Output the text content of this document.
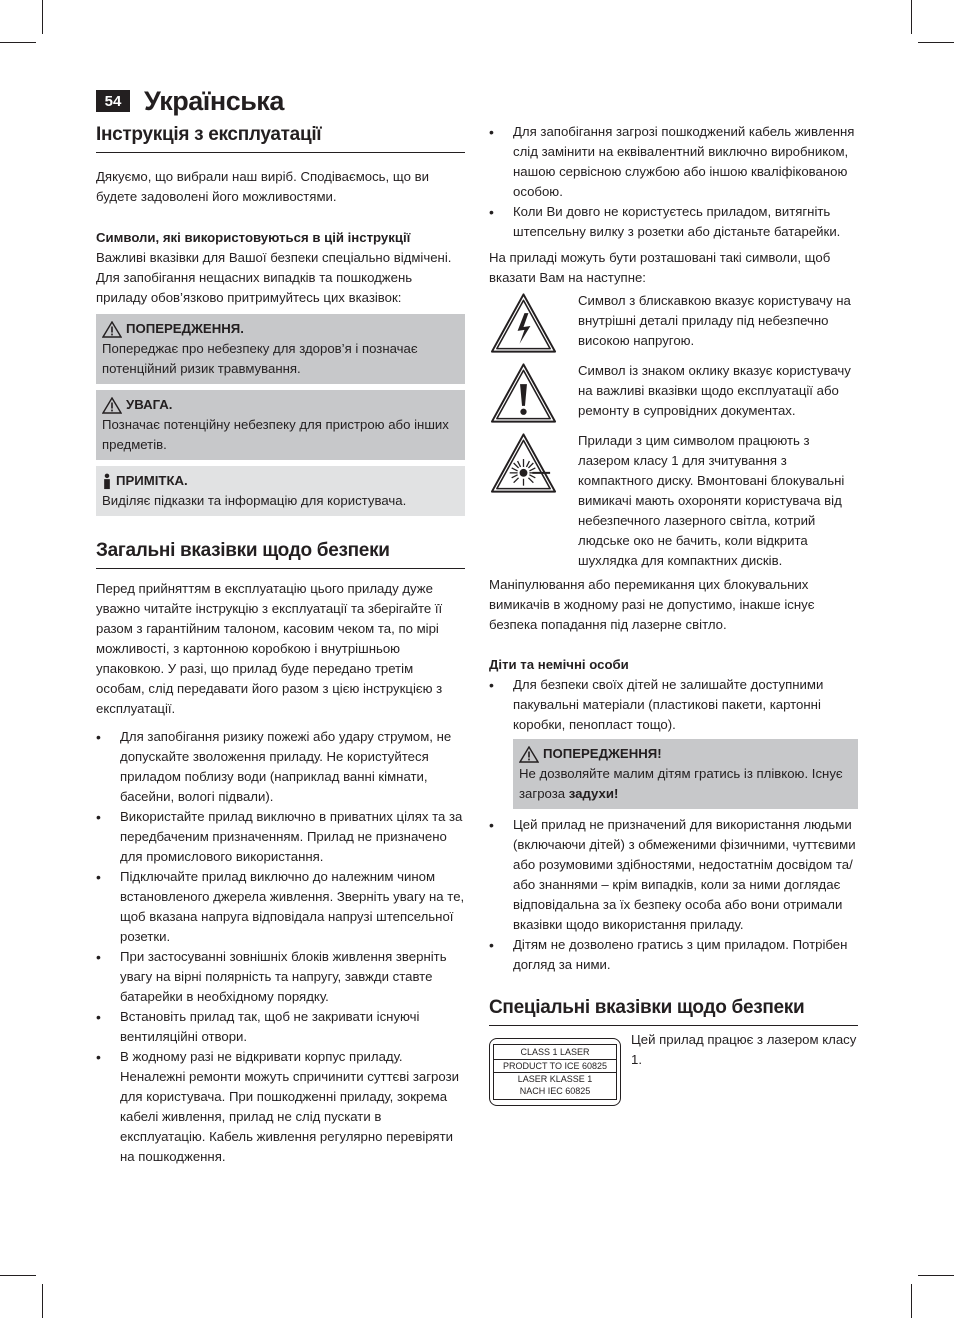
54 Українська
Інструкція з експлуатації

Дякуємо, що вибрали наш виріб. Сподіваємось, що ви будете задоволені його можливостями.

Символи, які використовуються в цій інструкції

Важливі вказівки для Вашої безпеки спеціально відмічені. Для запобігання нещасних випадків та пошкоджень приладу обов’язково притримуйтесь цих вказівок:

ПОПЕРЕДЖЕННЯ.

Попереджає про небезпеку для здоров’я і позначає потенційний ризик травмування.

УВАГА.

Позначає потенційну небезпеку для пристрою або інших предметів.

ПРИМІТКА.

Виділяє підказки та інформацію для користувача.

Загальні вказівки щодо безпеки

Перед прийняттям в експлуатацію цього приладу дуже уважно читайте інструкцію з експлуатації та зберігайте її разом з гарантійним талоном, касовим чеком та, по мірі можливості, з картонною коробкою і внутрішньою упаковкою. У разі, що прилад буде передано третім особам, слід передавати його разом з цією інструкцією з експлуатації.

• Для запобігання ризику пожежі або удару струмом, не допускайте зволоження приладу. Не користуйтеся приладом поблизу води (наприклад ванні кімнати, басейни, вологі підвали).
• Використайте прилад виключно в приватних цілях та за передбаченим призначенням. Прилад не призначено для промислового використання.
• Підключайте прилад виключно до належним чином встановленого джерела живлення. Зверніть увагу на те, щоб вказана напруга відповідала напрузі штепсельної розетки.
• При застосуванні зовнішніх блоків живлення зверніть увагу на вірні полярність та напругу, завжди ставте батарейки в необхідному порядку.
• Встановіть прилад так, щоб не закривати існуючі вентиляційні отвори.
• В жодному разі не відкривати корпус приладу. Неналежні ремонти можуть спричинити суттєві загрози для користувача. При пошкодженні приладу, зокрема кабелі живлення, прилад не слід пускати в експлуатацію. Кабель живлення регулярно перевіряти на пошкодження.
• Для запобігання загрозі пошкоджений кабель живлення слід замінити на еквівалентний виключно виробником, нашою сервісною службою або іншою кваліфікованою особою.
• Коли Ви довго не користуєтесь приладом, витягніть штепсельну вилку з розетки або дістаньте батарейки.

На приладі можуть бути розташовані такі символи, щоб вказати Вам на наступне:

Символ з блискавкою вказує користувачу на внутрішні деталі приладу під небезпечно високою напругою.

Символ із знаком оклику вказує користувачу на важливі вказівки щодо експлуатації або ремонту в супровідних документах.

Прилади з цим символом працюють з лазером класу 1 для зчитування з компактного диску. Вмонтовані блокувальні вимикачі мають охороняти користувача від небезпечного лазерного світла, котрий людське око не бачить, коли відкрита шухлядка для компактних дисків.

Маніпулювання або перемикання цих блокувальних вимикачів в жодному разі не допустимо, інакше існує безпека попадання під лазерне світло.

Діти та немічні особи
• Для безпеки своїх дітей не залишайте доступними пакувальні матеріали (пластикові пакети, картонні коробки, пенопласт тощо).
ПОПЕРЕДЖЕННЯ!

Не дозволяйте малим дітям гратись із плівкою. Існує загроза задухи!

• Цей прилад не призначений для використання людьми (включаючи дітей) з обмеженими фізичними, чуттєвими або розумовими здібностями, недостатнім досвідом та/або знаннями – крім випадків, коли за ними доглядає відповідальна за їх безпеку особа або вони отримали вказівки щодо використання приладу.
• Дітям не дозволено гратись з цим приладом. Потрібен догляд за ними.
Спеціальні вказівки щодо безпеки
CLASS 1 LASER
PRODUCT TO ICE 60825
LASER KLASSE 1
NACH IEC 60825

Цей прилад працює з лазером класу 1.
